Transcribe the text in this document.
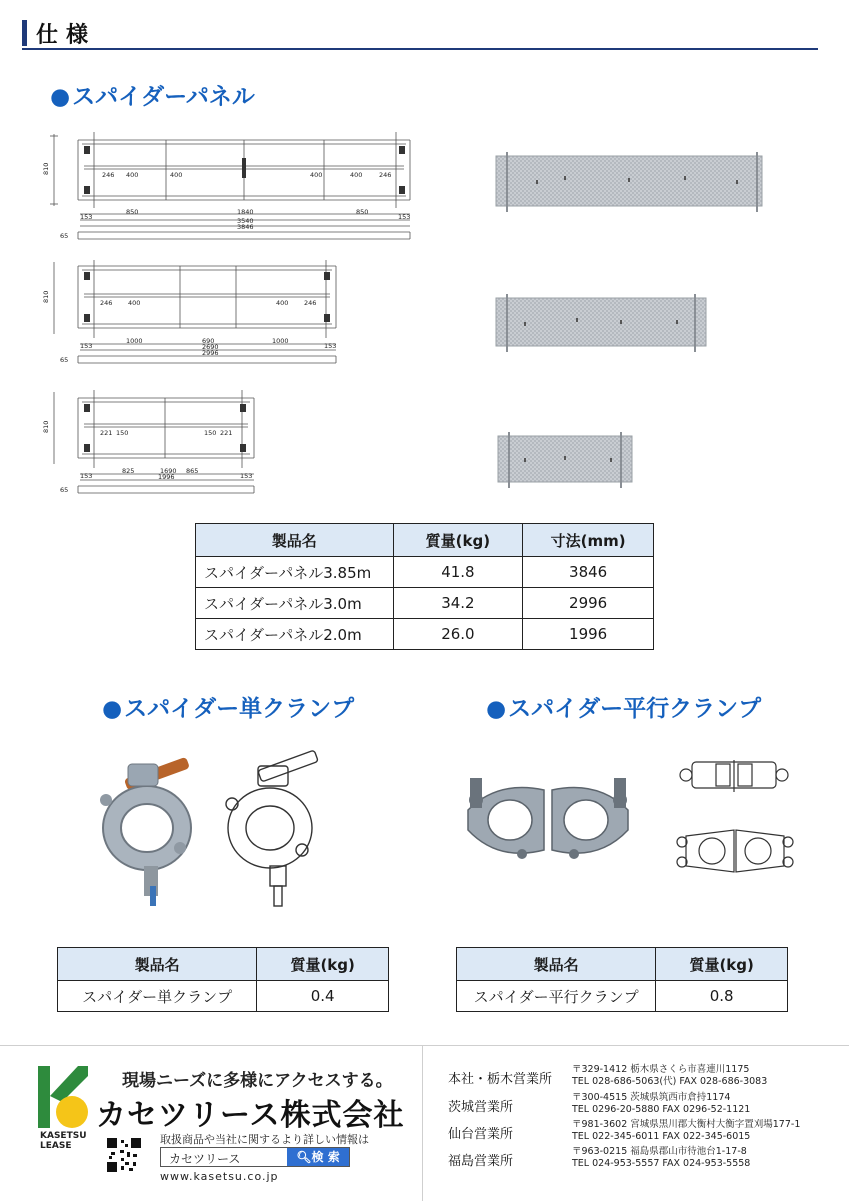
仕様
●スパイダーパネル
810	246 400	400	400	400	246
153
850	1840	850
153
3540
3846
65
810	246 400	400 246
153
1000	690	1000
153
2690
2996
65
810	221 150	150 221
153
825	1690 865
153
1996
65
製品名	質量(kg)	寸法(mm)
スパイダーパネル3.85m	41.8	3846
スパイダーパネル3.0m	34.2	2996
スパイダーパネル2.0m	26.0	1996
●スパイダー単クランプ	●スパイダー平行クランプ
製品名	質量(kg)
スパイダー単クランプ	0.4
製品名	質量(kg)
スパイダー平行クランプ	0.8
KASETSU
LEASE
現場ニーズに多様にアクセスする。
カセツリース株式会社
取扱商品や当社に関するより詳しい情報は
カセツリース	🔍︎検 索
www.kasetsu.co.jp
本社・栃木営業所
〒329-1412 栃木県さくら市喜連川1175
TEL 028-686-5063(代) FAX 028-686-3083
茨城営業所
〒300-4515 茨城県筑西市倉持1174
TEL 0296-20-5880 FAX 0296-52-1121
仙台営業所
〒981-3602 宮城県黒川郡大衡村大衡字置刈場177-1
TEL 022-345-6011 FAX 022-345-6015
福島営業所
〒963-0215 福島県郡山市待池台1-17-8
TEL 024-953-5557 FAX 024-953-5558
